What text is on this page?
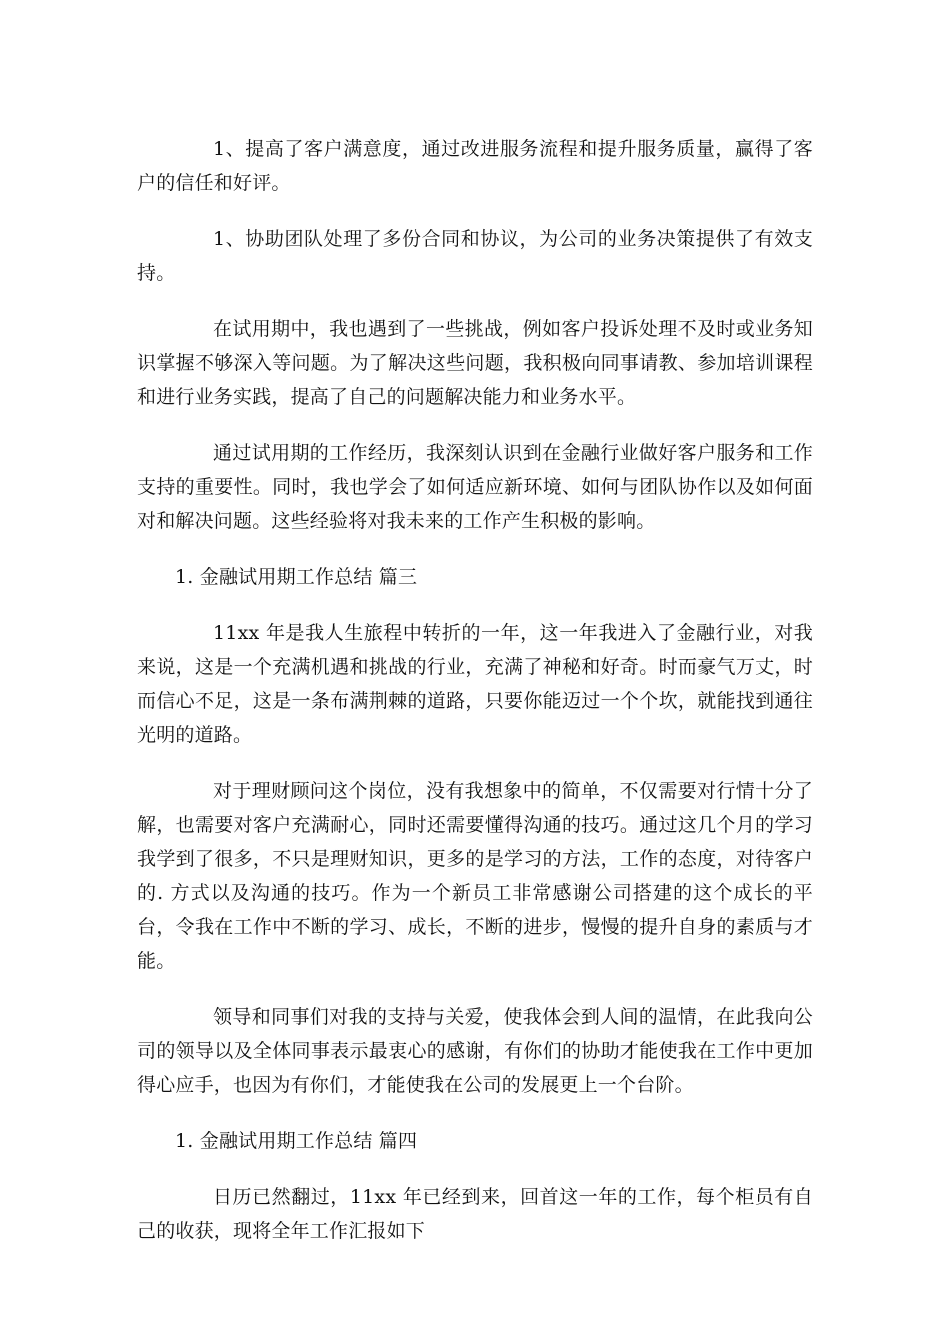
1、提高了客户满意度，通过改进服务流程和提升服务质量，赢得了客户的信任和好评。

1、协助团队处理了多份合同和协议，为公司的业务决策提供了有效支持。

在试用期中，我也遇到了一些挑战，例如客户投诉处理不及时或业务知识掌握不够深入等问题。为了解决这些问题，我积极向同事请教、参加培训课程和进行业务实践，提高了自己的问题解决能力和业务水平。

通过试用期的工作经历，我深刻认识到在金融行业做好客户服务和工作支持的重要性。同时，我也学会了如何适应新环境、如何与团队协作以及如何面对和解决问题。这些经验将对我未来的工作产生积极的影响。

1. 金融试用期工作总结 篇三

11xx 年是我人生旅程中转折的一年，这一年我进入了金融行业，对我来说，这是一个充满机遇和挑战的行业，充满了神秘和好奇。时而豪气万丈，时而信心不足，这是一条布满荆棘的道路，只要你能迈过一个个坎，就能找到通往光明的道路。

对于理财顾问这个岗位，没有我想象中的简单，不仅需要对行情十分了解，也需要对客户充满耐心，同时还需要懂得沟通的技巧。通过这几个月的学习我学到了很多，不只是理财知识，更多的是学习的方法，工作的态度，对待客户的. 方式以及沟通的技巧。作为一个新员工非常感谢公司搭建的这个成长的平台，令我在工作中不断的学习、成长，不断的进步，慢慢的提升自身的素质与才能。

领导和同事们对我的支持与关爱，使我体会到人间的温情，在此我向公司的领导以及全体同事表示最衷心的感谢，有你们的协助才能使我在工作中更加得心应手，也因为有你们，才能使我在公司的发展更上一个台阶。

1. 金融试用期工作总结 篇四

日历已然翻过，11xx 年已经到来，回首这一年的工作，每个柜员有自己的收获，现将全年工作汇报如下
